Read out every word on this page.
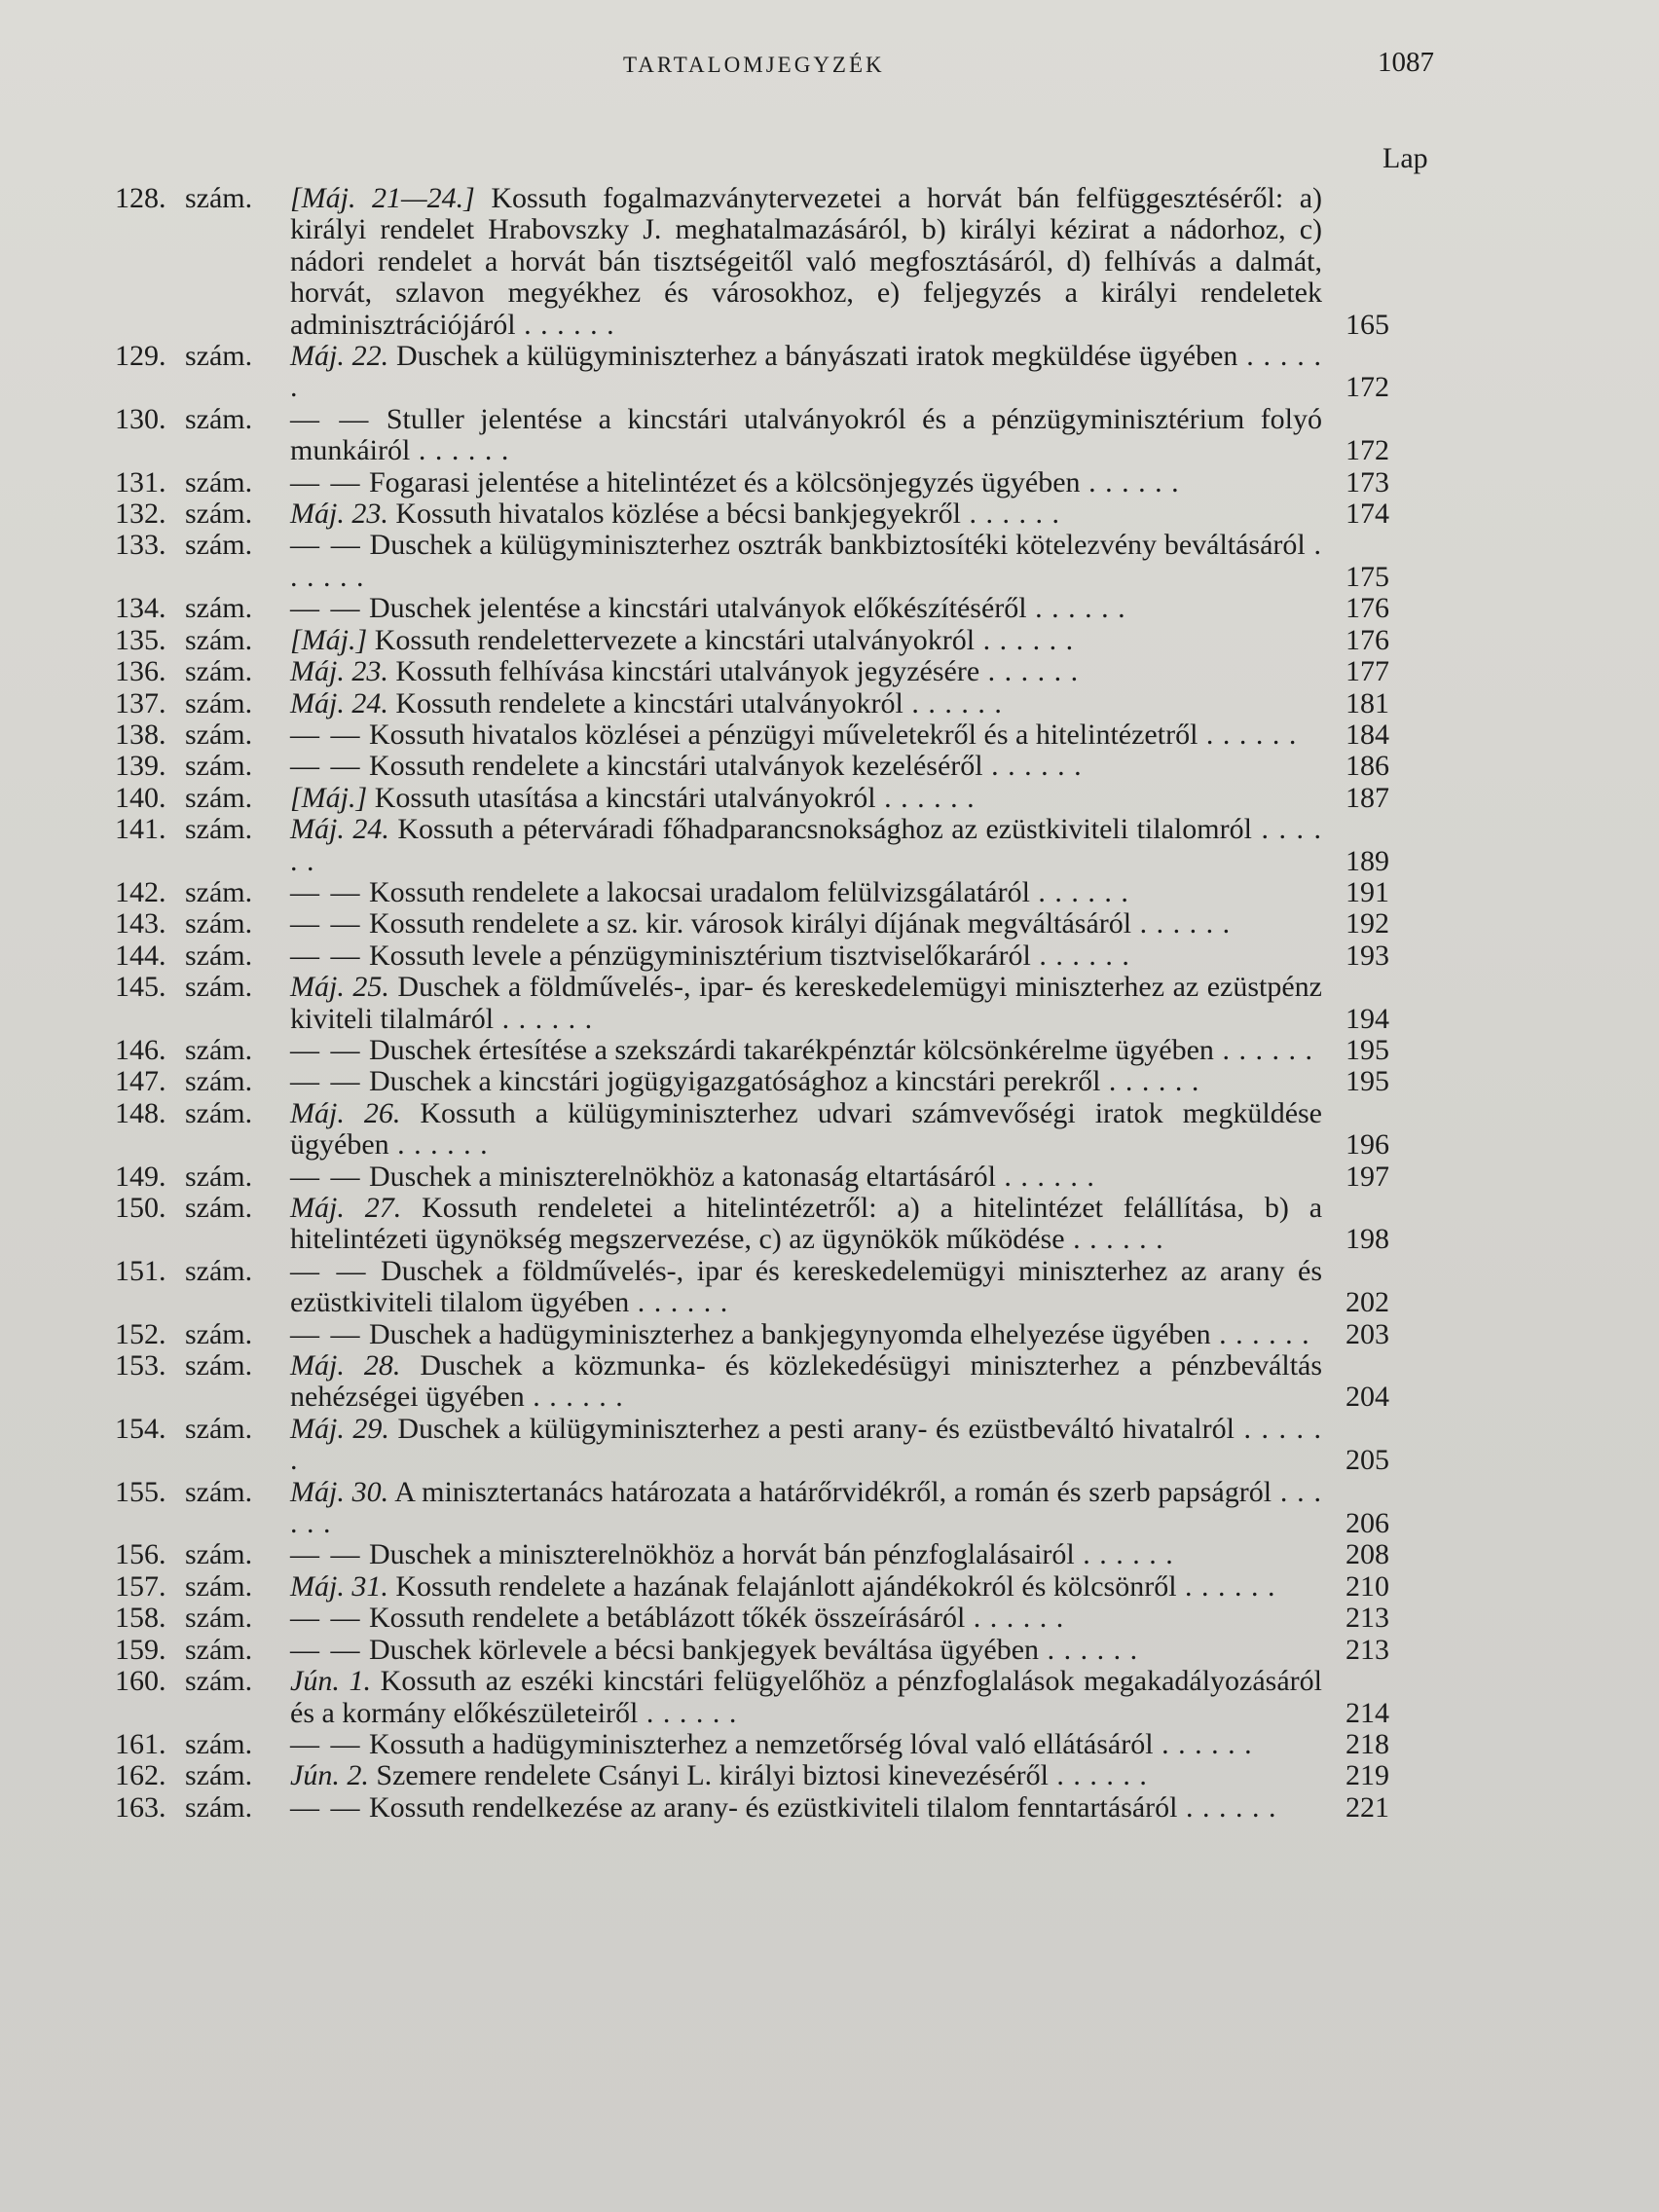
TARTALOMJEGYZÉK	1087
Lap
128. szám.	[Máj. 21—24.] Kossuth fogalmazványtervezetei a horvát bán felfüggesztéséről: a) királyi rendelet Hrabovszky J. meghatalmazásáról, b) királyi kézirat a nádorhoz, c) nádori rendelet a horvát bán tisztségeitől való megfosztásáról, d) felhívás a dalmát, horvát, szlavon megyékhez és városokhoz, e) feljegyzés a királyi rendeletek adminisztrációjáról . . . . . .	165
129. szám.	Máj. 22. Duschek a külügyminiszterhez a bányászati iratok megküldése ügyében . . . . . .	172
130. szám.	— — Stuller jelentése a kincstári utalványokról és a pénzügyminisztérium folyó munkáiról . . . . . .	172
131. szám.	— — Fogarasi jelentése a hitelintézet és a kölcsönjegyzés ügyében . . . . . .	173
132. szám.	Máj. 23. Kossuth hivatalos közlése a bécsi bankjegyekről . . . . . .	174
133. szám.	— — Duschek a külügyminiszterhez osztrák bankbiztosítéki kötelezvény beváltásáról . . . . . .	175
134. szám.	— — Duschek jelentése a kincstári utalványok előkészítéséről . . . . . .	176
135. szám.	[Máj.] Kossuth rendelettervezete a kincstári utalványokról . . . . . .	176
136. szám.	Máj. 23. Kossuth felhívása kincstári utalványok jegyzésére . . . . . .	177
137. szám.	Máj. 24. Kossuth rendelete a kincstári utalványokról . . . . . .	181
138. szám.	— — Kossuth hivatalos közlései a pénzügyi műveletekről és a hitelintézetről . . . . . .	184
139. szám.	— — Kossuth rendelete a kincstári utalványok kezeléséről . . . . . .	186
140. szám.	[Máj.] Kossuth utasítása a kincstári utalványokról . . . . . .	187
141. szám.	Máj. 24. Kossuth a péterváradi főhadparancsnoksághoz az ezüstkiviteli tilalomról . . . . . .	189
142. szám.	— — Kossuth rendelete a lakocsai uradalom felülvizsgálatáról . . . . . .	191
143. szám.	— — Kossuth rendelete a sz. kir. városok királyi díjának megváltásáról . . . . . .	192
144. szám.	— — Kossuth levele a pénzügyminisztérium tisztviselőkaráról . . . . . .	193
145. szám.	Máj. 25. Duschek a földművelés-, ipar- és kereskedelemügyi miniszterhez az ezüstpénz kiviteli tilalmáról . . . . . .	194
146. szám.	— — Duschek értesítése a szekszárdi takarékpénztár kölcsönkérelme ügyében . . . . . .	195
147. szám.	— — Duschek a kincstári jogügyigazgatósághoz a kincstári perekről . . . . . .	195
148. szám.	Máj. 26. Kossuth a külügyminiszterhez udvari számvevőségi iratok megküldése ügyében . . . . . .	196
149. szám.	— — Duschek a miniszterelnökhöz a katonaság eltartásáról . . . . . .	197
150. szám.	Máj. 27. Kossuth rendeletei a hitelintézetről: a) a hitelintézet felállítása, b) a hitelintézeti ügynökség megszervezése, c) az ügynökök működése . . . . . .	198
151. szám.	— — Duschek a földművelés-, ipar és kereskedelemügyi miniszterhez az arany és ezüstkiviteli tilalom ügyében . . . . . .	202
152. szám.	— — Duschek a hadügyminiszterhez a bankjegynyomda elhelyezése ügyében . . . . . .	203
153. szám.	Máj. 28. Duschek a közmunka- és közlekedésügyi miniszterhez a pénzbeváltás nehézségei ügyében . . . . . .	204
154. szám.	Máj. 29. Duschek a külügyminiszterhez a pesti arany- és ezüstbeváltó hivatalról . . . . . .	205
155. szám.	Máj. 30. A minisztertanács határozata a határőrvidékről, a román és szerb papságról . . . . . .	206
156. szám.	— — Duschek a miniszterelnökhöz a horvát bán pénzfoglalásairól . . . . . .	208
157. szám.	Máj. 31. Kossuth rendelete a hazának felajánlott ajándékokról és kölcsönről . . . . . .	210
158. szám.	— — Kossuth rendelete a betáblázott tőkék összeírásáról . . . . . .	213
159. szám.	— — Duschek körlevele a bécsi bankjegyek beváltása ügyében . . . . . .	213
160. szám.	Jún. 1. Kossuth az eszéki kincstári felügyelőhöz a pénzfoglalások megakadályozásáról és a kormány előkészületeiről . . . . . .	214
161. szám.	— — Kossuth a hadügyminiszterhez a nemzetőrség lóval való ellátásáról . . . . . .	218
162. szám.	Jún. 2. Szemere rendelete Csányi L. királyi biztosi kinevezéséről . . . . . .	219
163. szám.	— — Kossuth rendelkezése az arany- és ezüstkiviteli tilalom fenntartásáról . . . . . .	221
